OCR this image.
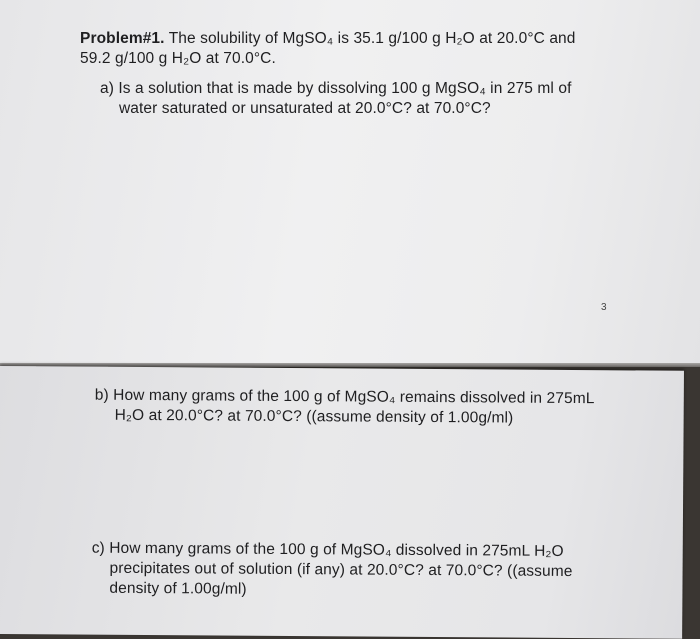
Problem#1. The solubility of MgSO₄ is 35.1 g/100 g H₂O at 20.0°C and
59.2 g/100 g H₂O at 70.0°C.
a) Is a solution that is made by dissolving 100 g MgSO₄ in 275 ml of
water saturated or unsaturated at 20.0°C? at 70.0°C?
3
b) How many grams of the 100 g of MgSO₄ remains dissolved in 275mL
H₂O at 20.0°C? at 70.0°C? ((assume density of 1.00g/ml)
c) How many grams of the 100 g of MgSO₄ dissolved in 275mL H₂O
precipitates out of solution (if any) at 20.0°C? at 70.0°C? ((assume
density of 1.00g/ml)
